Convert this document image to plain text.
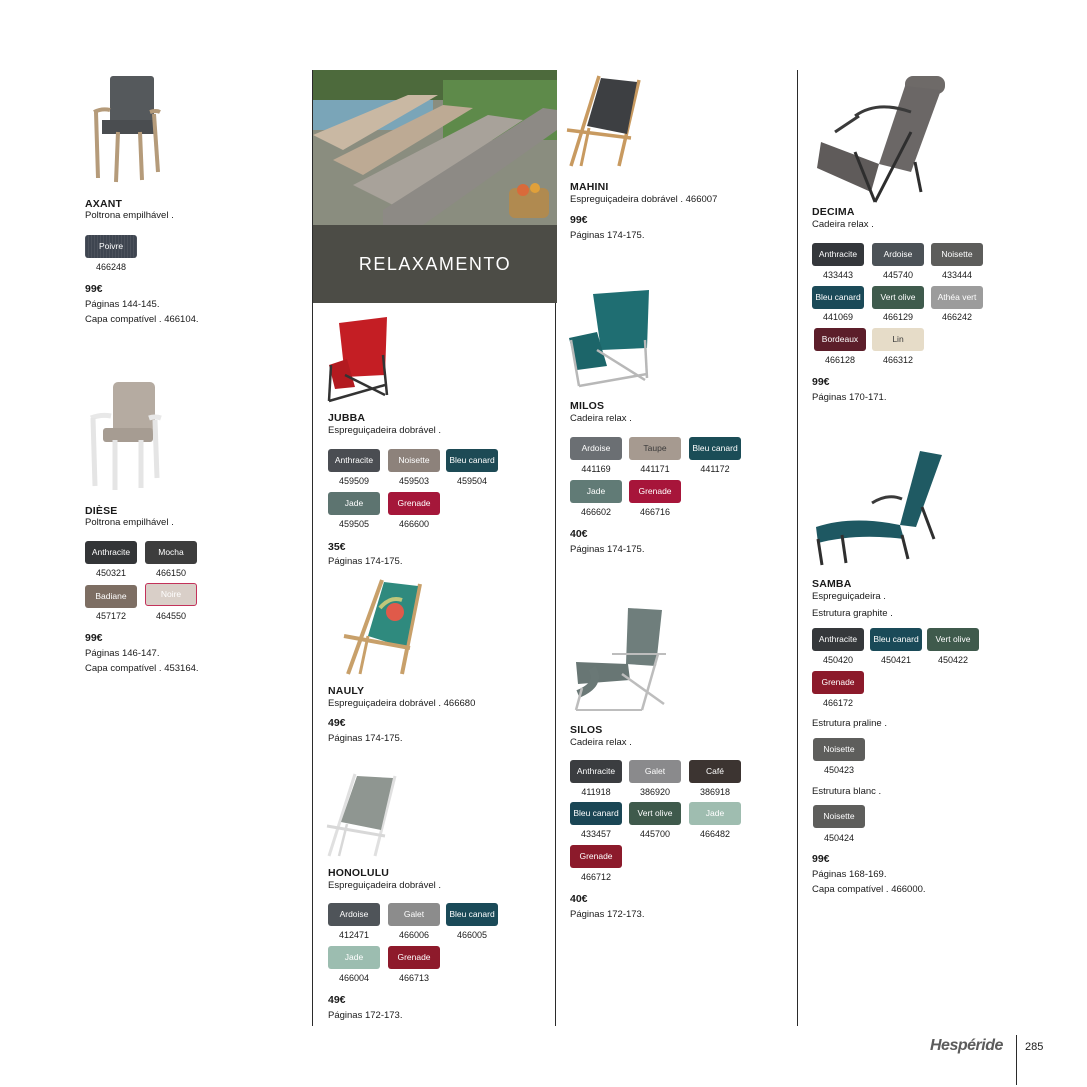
AXANT
Poltrona empilhável .
Poivre
466248
99€
Páginas 144-145.
Capa compatível . 466104.
DIÈSE
Poltrona empilhável .
Anthracite	Mocha
450321	466150
Badiane	Noire
457172	464550
99€
Páginas 146-147.
Capa compatível . 453164.
RELAXAMENTO
JUBBA
Espreguiçadeira dobrável .
Anthracite	Noisette	Bleu canard
459509	459503	459504
Jade	Grenade
459505	466600
35€
Páginas 174-175.
NAULY
Espreguiçadeira dobrável . 466680
49€
Páginas 174-175.
HONOLULU
Espreguiçadeira dobrável .
Ardoise	Galet	Bleu canard
412471	466006	466005
Jade	Grenade
466004	466713
49€
Páginas 172-173.
MAHINI
Espreguiçadeira dobrável . 466007
99€
Páginas 174-175.
MILOS
Cadeira relax .
Ardoise	Taupe	Bleu canard
441169	441171	441172
Jade	Grenade
466602	466716
40€
Páginas 174-175.
SILOS
Cadeira relax .
Anthracite	Galet	Café
411918	386920	386918
Bleu canard	Vert olive	Jade
433457	445700	466482
Grenade
466712
40€
Páginas 172-173.
DECIMA
Cadeira relax .
Anthracite	Ardoise	Noisette
433443	445740	433444
Bleu canard	Vert olive	Athéa vert
441069	466129	466242
Bordeaux	Lin
466128	466312
99€
Páginas 170-171.
SAMBA
Espreguiçadeira .
Estrutura graphite .
Anthracite	Bleu canard	Vert olive
450420	450421	450422
Grenade
466172
Estrutura praline .
Noisette
450423
Estrutura blanc .
Noisette
450424
99€
Páginas 168-169.
Capa compatível . 466000.
Hespéride 285
